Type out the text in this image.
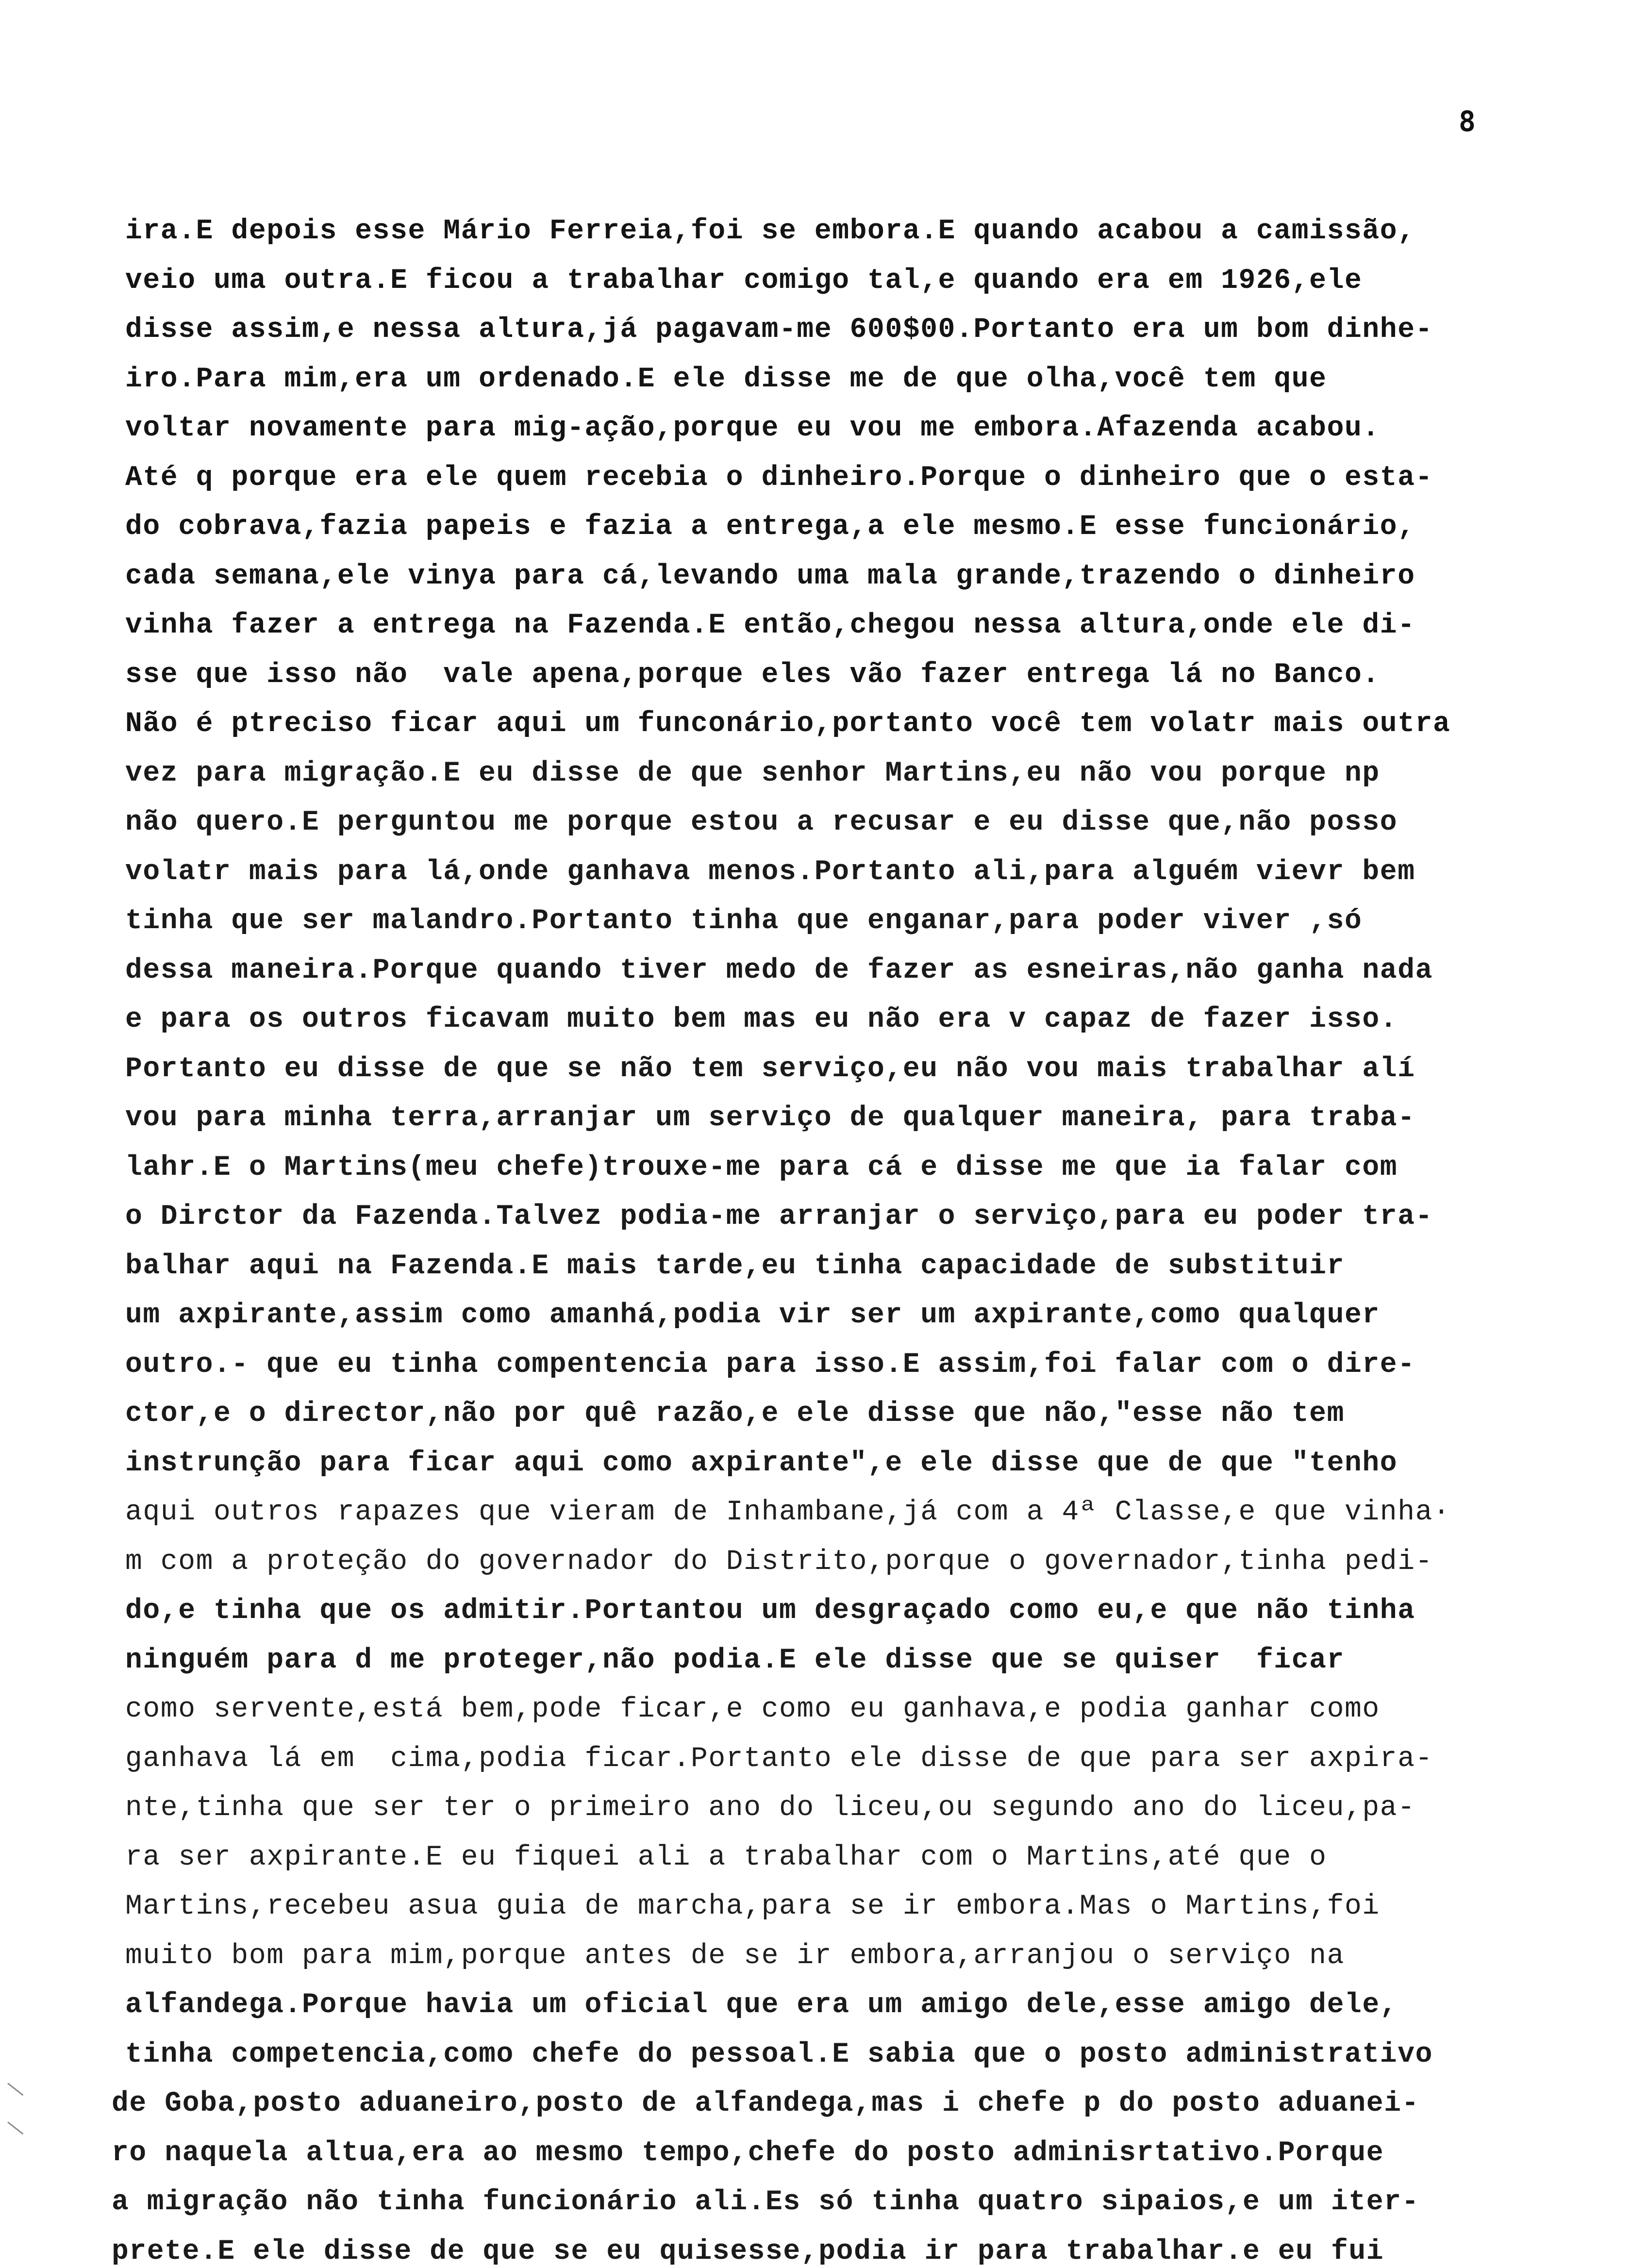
8
ira.E depois esse Mário Ferreia,foi se embora.E quando acabou a camissão,
veio uma outra.E ficou a trabalhar comigo tal,e quando era em 1926,ele
disse assim,e nessa altura,já pagavam-me 600$00.Portanto era um bom dinhe-
iro.Para mim,era um ordenado.E ele disse me de que olha,você tem que
voltar novamente para mig-ação,porque eu vou me embora.Afazenda acabou.
Até q porque era ele quem recebia o dinheiro.Porque o dinheiro que o esta-
do cobrava,fazia papeis e fazia a entrega,a ele mesmo.E esse funcionário,
cada semana,ele vinya para cá,levando uma mala grande,trazendo o dinheiro
vinha fazer a entrega na Fazenda.E então,chegou nessa altura,onde ele di-
sse que isso não  vale apena,porque eles vão fazer entrega lá no Banco.
Não é ptreciso ficar aqui um funconário,portanto você tem volatr mais outra
vez para migração.E eu disse de que senhor Martins,eu não vou porque np
não quero.E perguntou me porque estou a recusar e eu disse que,não posso
volatr mais para lá,onde ganhava menos.Portanto ali,para alguém vievr bem
tinha que ser malandro.Portanto tinha que enganar,para poder viver ,só
dessa maneira.Porque quando tiver medo de fazer as esneiras,não ganha nada
e para os outros ficavam muito bem mas eu não era v capaz de fazer isso.
Portanto eu disse de que se não tem serviço,eu não vou mais trabalhar alí
vou para minha terra,arranjar um serviço de qualquer maneira, para traba-
lahr.E o Martins(meu chefe)trouxe-me para cá e disse me que ia falar com
o Dirctor da Fazenda.Talvez podia-me arranjar o serviço,para eu poder tra-
balhar aqui na Fazenda.E mais tarde,eu tinha capacidade de substituir
um axpirante,assim como amanhá,podia vir ser um axpirante,como qualquer
outro.- que eu tinha compentencia para isso.E assim,foi falar com o dire-
ctor,e o director,não por quê razão,e ele disse que não,"esse não tem
instrunção para ficar aqui como axpirante",e ele disse que de que "tenho
aqui outros rapazes que vieram de Inhambane,já com a 4ª Classe,e que vinha·
m com a proteção do governador do Distrito,porque o governador,tinha pedi-
do,e tinha que os admitir.Portantou um desgraçado como eu,e que não tinha
ninguém para d me proteger,não podia.E ele disse que se quiser  ficar
como servente,está bem,pode ficar,e como eu ganhava,e podia ganhar como
ganhava lá em  cima,podia ficar.Portanto ele disse de que para ser axpira-
nte,tinha que ser ter o primeiro ano do liceu,ou segundo ano do liceu,pa-
ra ser axpirante.E eu fiquei ali a trabalhar com o Martins,até que o
Martins,recebeu asua guia de marcha,para se ir embora.Mas o Martins,foi
muito bom para mim,porque antes de se ir embora,arranjou o serviço na
alfandega.Porque havia um oficial que era um amigo dele,esse amigo dele,
tinha competencia,como chefe do pessoal.E sabia que o posto administrativo
de Goba,posto aduaneiro,posto de alfandega,mas i chefe p do posto aduanei-
ro naquela altua,era ao mesmo tempo,chefe do posto adminisrtativo.Porque
a migração não tinha funcionário ali.Es só tinha quatro sipaios,e um iter-
prete.E ele disse de que se eu quisesse,podia ir para trabalhar.e eu fui
